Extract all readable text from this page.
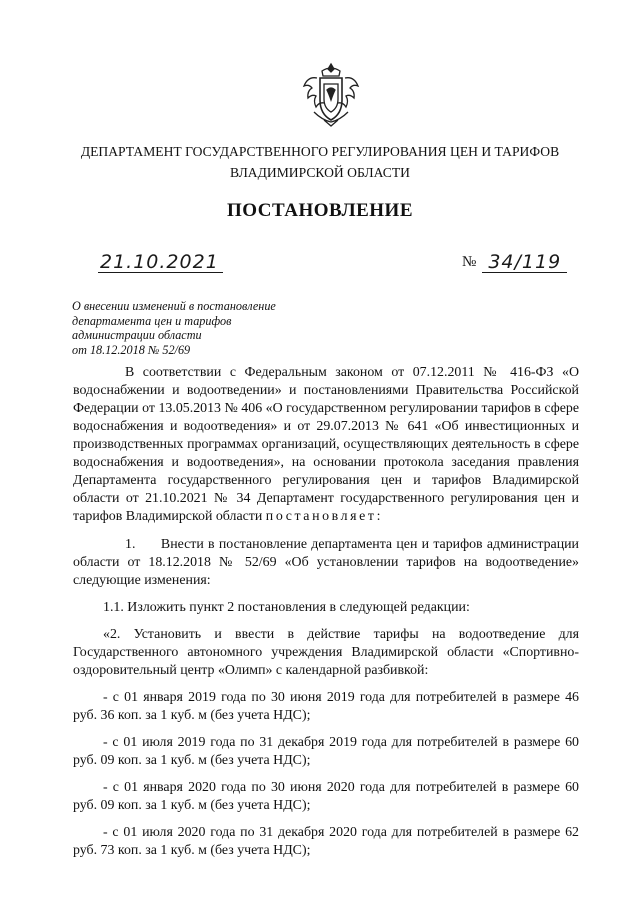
ДЕПАРТАМЕНТ ГОСУДАРСТВЕННОГО РЕГУЛИРОВАНИЯ ЦЕН И ТАРИФОВ
ВЛАДИМИРСКОЙ ОБЛАСТИ
ПОСТАНОВЛЕНИЕ
21.10.2021	№ 34/119
О внесении изменений в постановление
департамента цен и тарифов
администрации области
от 18.12.2018 № 52/69

В соответствии с Федеральным законом от 07.12.2011 № 416-ФЗ «О водоснабжении и водоотведении» и постановлениями Правительства Российской Федерации от 13.05.2013 № 406 «О государственном регулировании тарифов в сфере водоснабжения и водоотведения» и от 29.07.2013 № 641 «Об инвестиционных и производственных программах организаций, осуществляющих деятельность в сфере водоснабжения и водоотведения», на основании протокола заседания правления Департамента государственного регулирования цен и тарифов Владимирской области от 21.10.2021 № 34 Департамент государственного регулирования цен и тарифов Владимирской области постановляет:

1.      Внести в постановление департамента цен и тарифов администрации области от 18.12.2018 № 52/69 «Об установлении тарифов на водоотведение» следующие изменения:

1.1. Изложить пункт 2 постановления в следующей редакции:

«2. Установить и ввести в действие тарифы на водоотведение для Государственного автономного учреждения Владимирской области «Спортивно-оздоровительный центр «Олимп» с календарной разбивкой:

- с 01 января 2019 года по 30 июня 2019 года для потребителей в размере 46 руб. 36 коп. за 1 куб. м (без учета НДС);

- с 01 июля 2019 года по 31 декабря 2019 года для потребителей в размере 60 руб. 09 коп. за 1 куб. м (без учета НДС);

- с 01 января 2020 года по 30 июня 2020 года для потребителей в размере 60 руб. 09 коп. за 1 куб. м (без учета НДС);

- с 01 июля 2020 года по 31 декабря 2020 года для потребителей в размере 62 руб. 73 коп. за 1 куб. м (без учета НДС);
